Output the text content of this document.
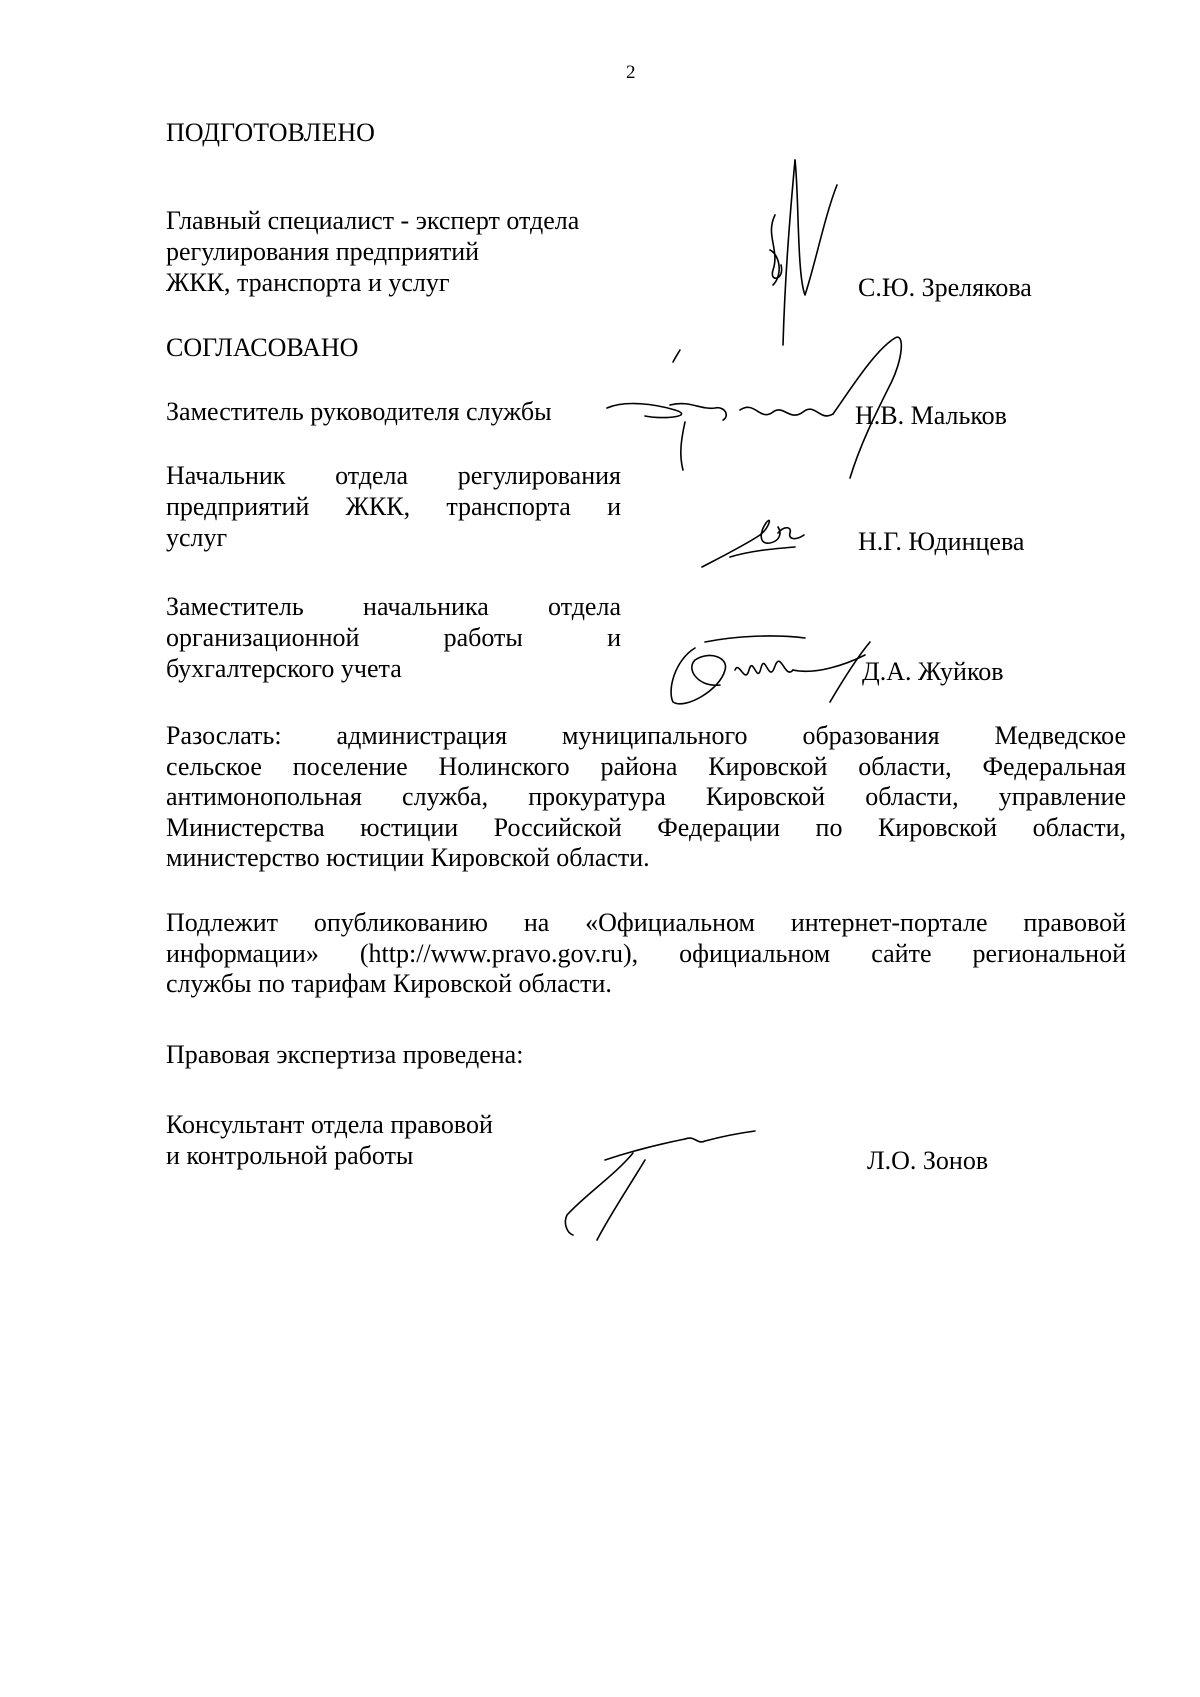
2
ПОДГОТОВЛЕНО
Главный специалист - эксперт отдела
регулирования предприятий
ЖКК, транспорта и услуг	С.Ю. Зрелякова
СОГЛАСОВАНО
Заместитель руководителя службы	Н.В. Мальков
Начальник отдела регулирования
предприятий ЖКК, транспорта и
услуг	Н.Г. Юдинцева
Заместитель начальника отдела
организационной работы и
бухгалтерского учета	Д.А. Жуйков
Разослать: администрация муниципального образования Медведское
сельское поселение Нолинского района Кировской области, Федеральная
антимонопольная служба, прокуратура Кировской области, управление
Министерства юстиции Российской Федерации по Кировской области,
министерство юстиции Кировской области.
Подлежит опубликованию на «Официальном интернет-портале правовой
информации» (http://www.pravo.gov.ru), официальном сайте региональной
службы по тарифам Кировской области.
Правовая экспертиза проведена:
Консультант отдела правовой
и контрольной работы	Л.О. Зонов
